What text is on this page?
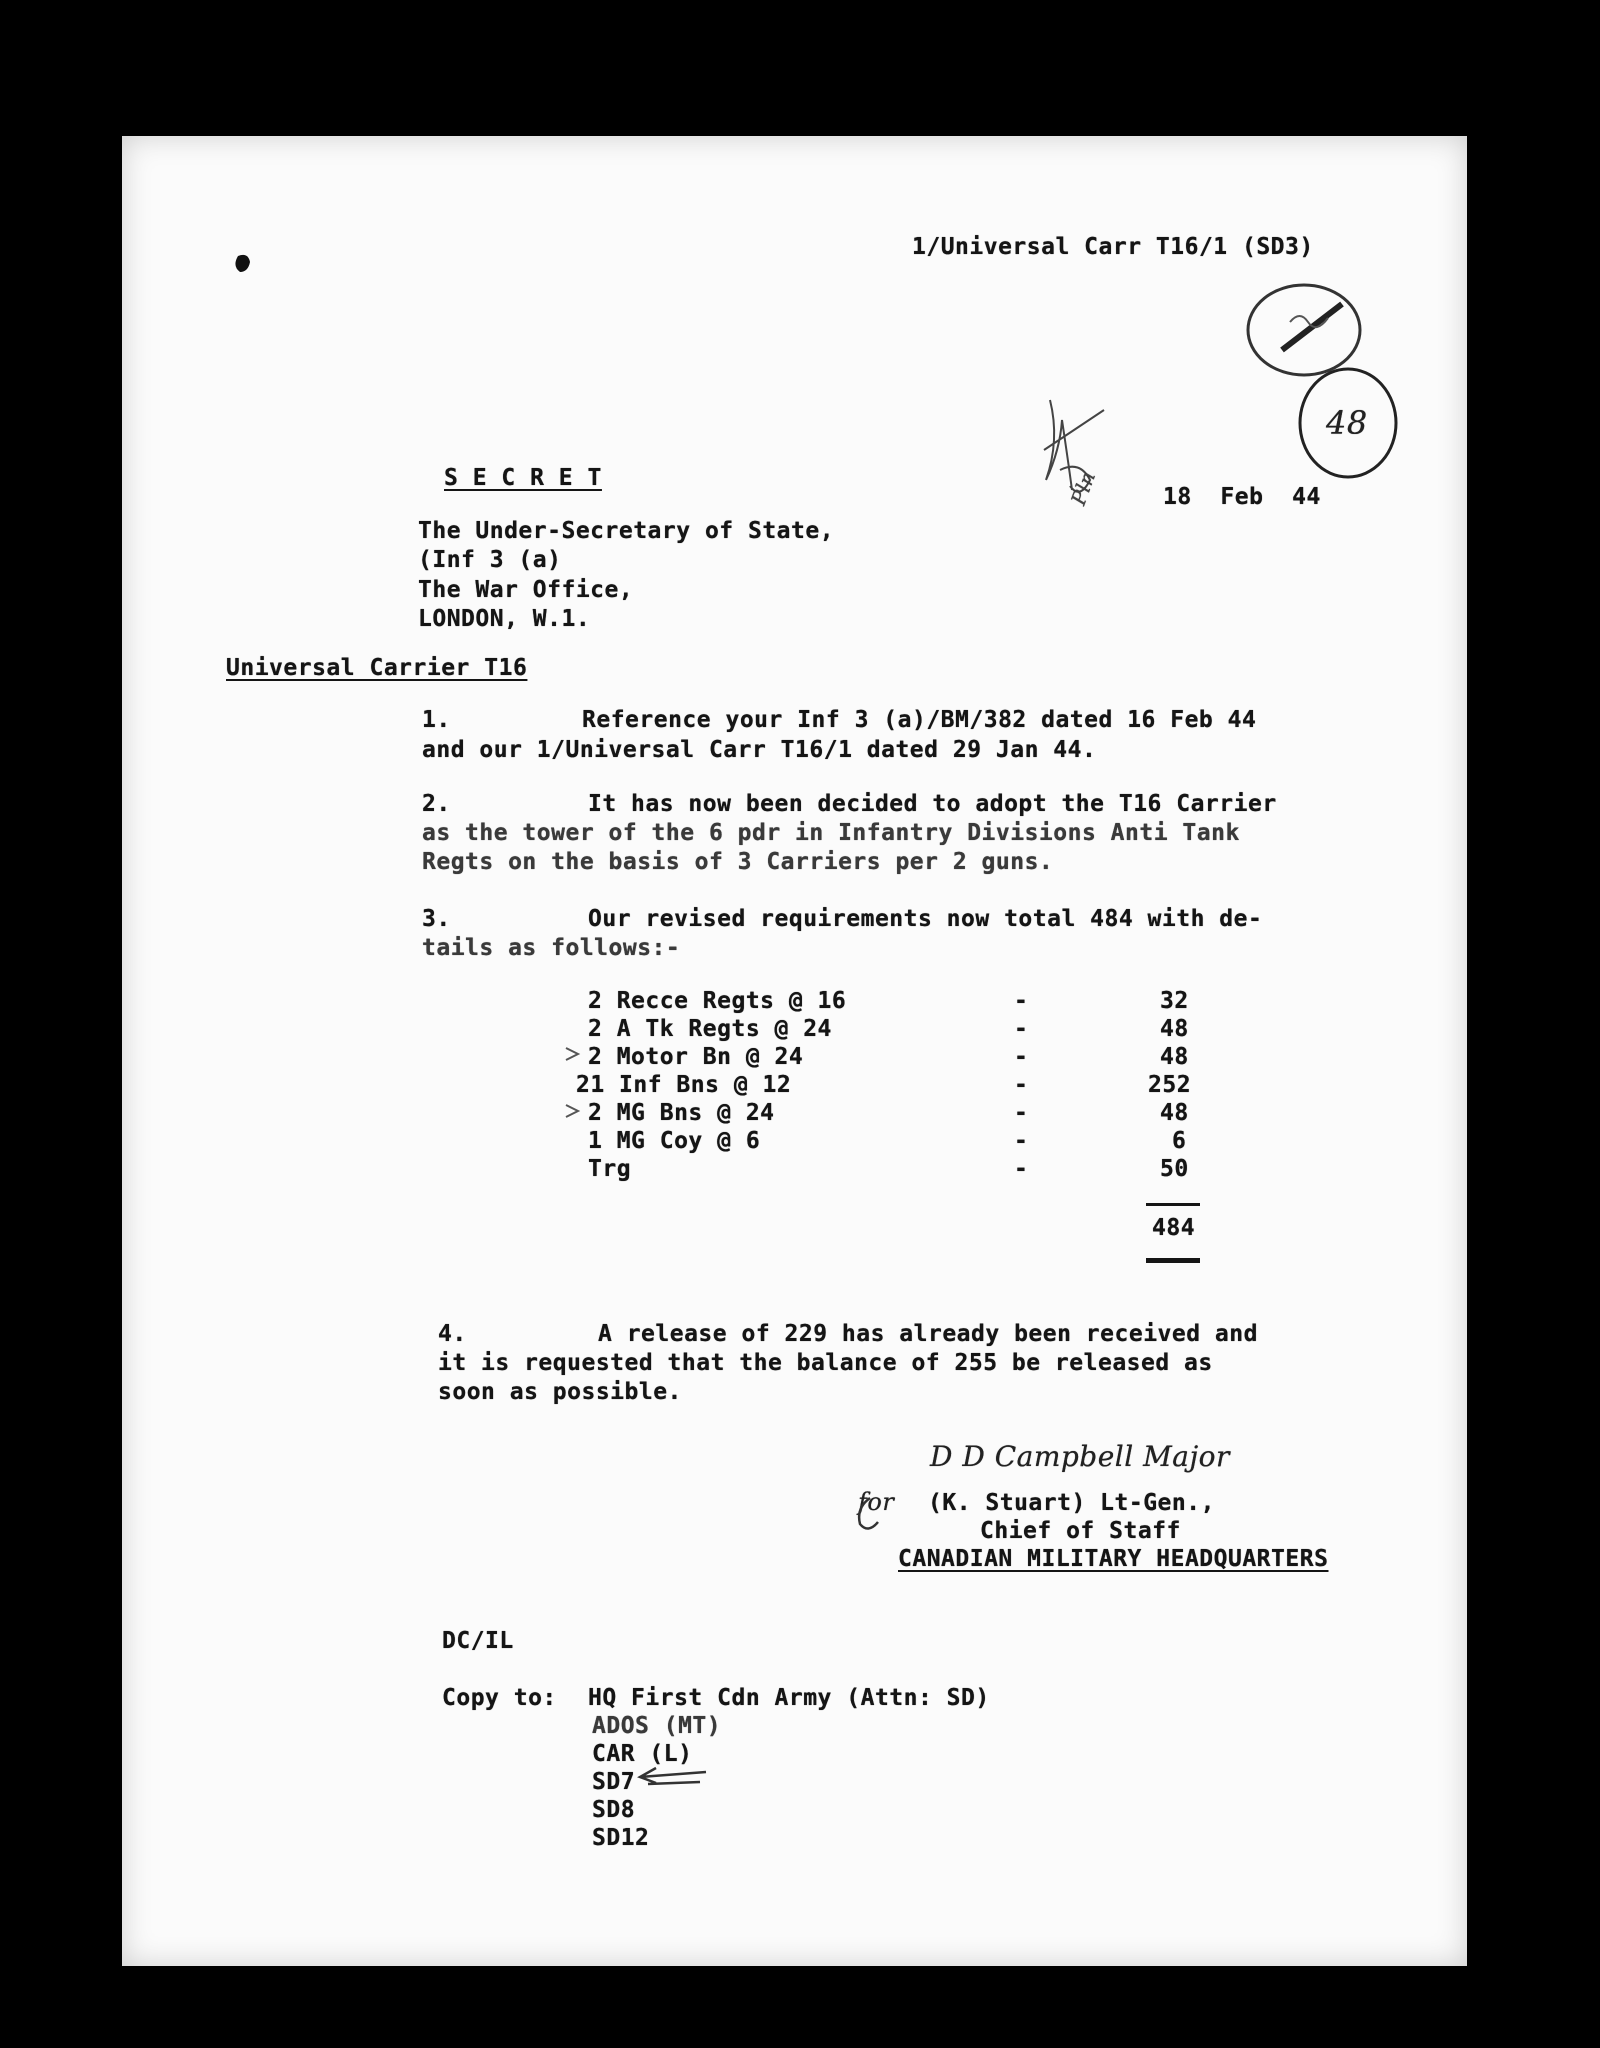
1/Universal Carr T16/1 (SD3)
S E C R E T
18  Feb  44
The Under-Secretary of State,
(Inf 3 (a)
The War Office,
LONDON, W.1.
Universal Carrier T16
1.	Reference your Inf 3 (a)/BM/382 dated 16 Feb 44
and our 1/Universal Carr T16/1 dated 29 Jan 44.
2.	It has now been decided to adopt the T16 Carrier
as the tower of the 6 pdr in Infantry Divisions Anti Tank
Regts on the basis of 3 Carriers per 2 guns.
3.	Our revised requirements now total 484 with de-
tails as follows:-
2 Recce Regts @ 16	-	32
2 A Tk Regts @ 24	-	48
2 Motor Bn @ 24	-	48
21 Inf Bns @ 12	-	252
2 MG Bns @ 24	-	48
1 MG Coy @ 6	-	6
Trg	-	50
484
4.	A release of 229 has already been received and
it is requested that the balance of 255 be released as
soon as possible.
D D Campbell Major
for (K. Stuart) Lt-Gen.,
Chief of Staff
CANADIAN MILITARY HEADQUARTERS
DC/IL
Copy to: HQ First Cdn Army (Attn: SD)
ADOS (MT)
CAR (L)
SD7
SD8
SD12
48
Pln
